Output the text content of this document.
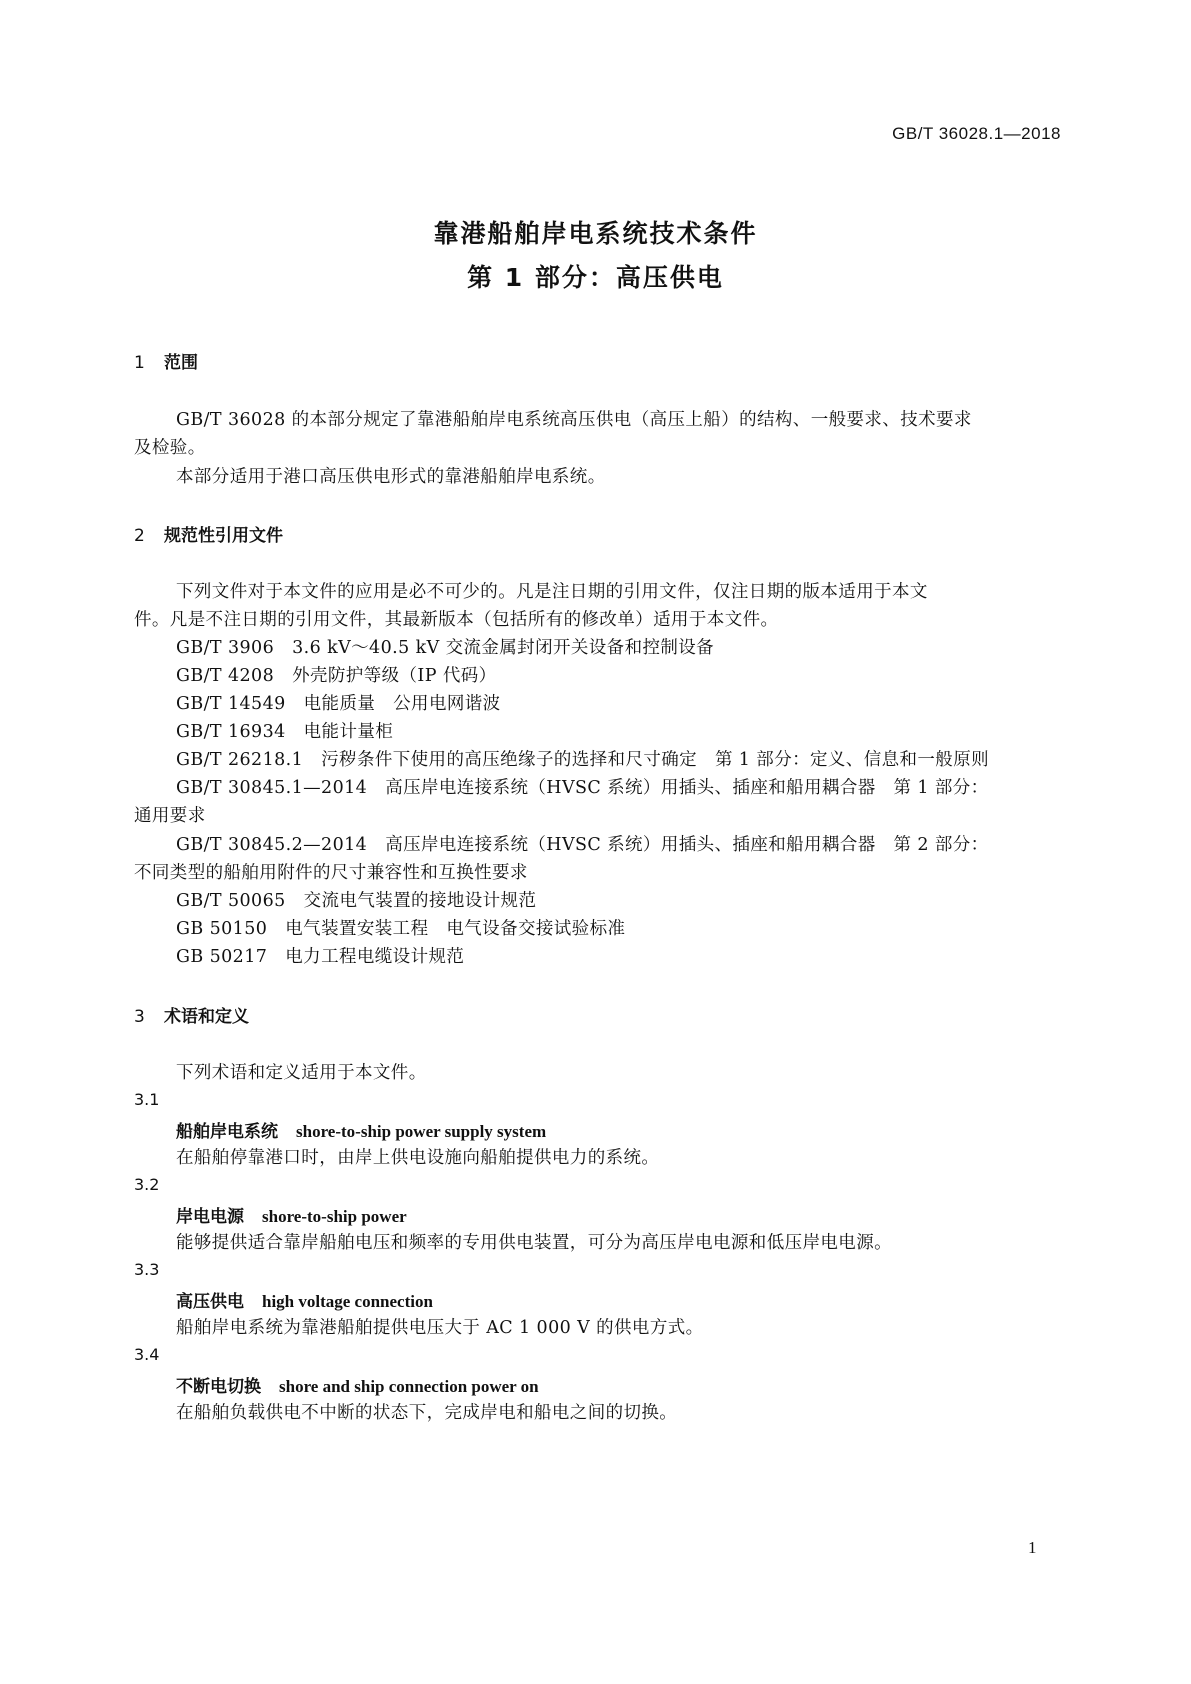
GB/T 36028.1—2018
靠港船舶岸电系统技术条件
第 1 部分：高压供电
1 范围
GB/T 36028 的本部分规定了靠港船舶岸电系统高压供电（高压上船）的结构、一般要求、技术要求
及检验。
本部分适用于港口高压供电形式的靠港船舶岸电系统。
2 规范性引用文件
下列文件对于本文件的应用是必不可少的。凡是注日期的引用文件，仅注日期的版本适用于本文
件。凡是不注日期的引用文件，其最新版本（包括所有的修改单）适用于本文件。
GB/T 3906 3.6 kV～40.5 kV 交流金属封闭开关设备和控制设备
GB/T 4208 外壳防护等级（IP 代码）
GB/T 14549 电能质量　公用电网谐波
GB/T 16934 电能计量柜
GB/T 26218.1 污秽条件下使用的高压绝缘子的选择和尺寸确定　第 1 部分：定义、信息和一般原则
GB/T 30845.1—2014 高压岸电连接系统（HVSC 系统）用插头、插座和船用耦合器　第 1 部分：
通用要求
GB/T 30845.2—2014 高压岸电连接系统（HVSC 系统）用插头、插座和船用耦合器　第 2 部分：
不同类型的船舶用附件的尺寸兼容性和互换性要求
GB/T 50065 交流电气装置的接地设计规范
GB 50150 电气装置安装工程　电气设备交接试验标准
GB 50217 电力工程电缆设计规范
3 术语和定义
下列术语和定义适用于本文件。
3.1
船舶岸电系统 shore-to-ship power supply system
在船舶停靠港口时，由岸上供电设施向船舶提供电力的系统。
3.2
岸电电源 shore-to-ship power
能够提供适合靠岸船舶电压和频率的专用供电装置，可分为高压岸电电源和低压岸电电源。
3.3
高压供电 high voltage connection
船舶岸电系统为靠港船舶提供电压大于 AC 1 000 V 的供电方式。
3.4
不断电切换 shore and ship connection power on
在船舶负载供电不中断的状态下，完成岸电和船电之间的切换。
1
